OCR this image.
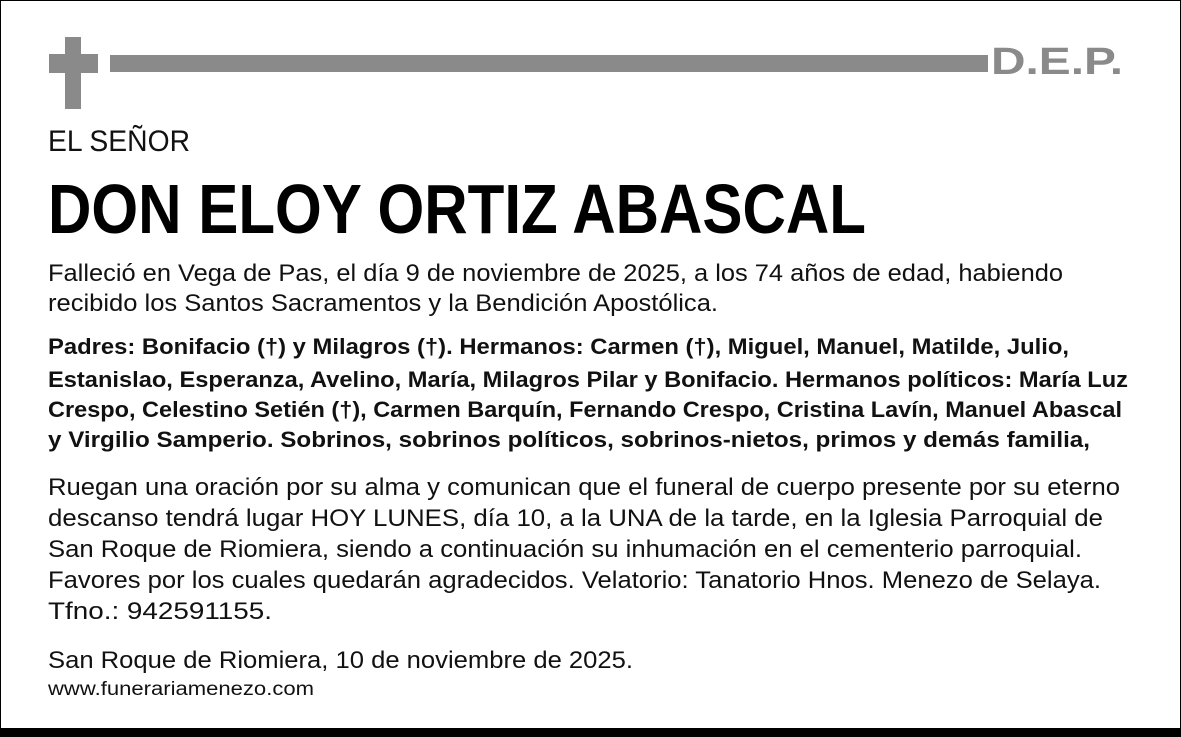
D.E.P.
EL SEÑOR
DON ELOY ORTIZ ABASCAL
Falleció en Vega de Pas, el día 9 de noviembre de 2025, a los 74 años de edad, habiendo
recibido los Santos Sacramentos y la Bendición Apostólica.
Padres: Bonifacio (†) y Milagros (†). Hermanos: Carmen (†), Miguel, Manuel, Matilde, Julio,
Estanislao, Esperanza, Avelino, María, Milagros Pilar y Bonifacio. Hermanos políticos: María Luz
Crespo, Celestino Setién (†), Carmen Barquín, Fernando Crespo, Cristina Lavín, Manuel Abascal
y Virgilio Samperio. Sobrinos, sobrinos políticos, sobrinos-nietos, primos y demás familia,
Ruegan una oración por su alma y comunican que el funeral de cuerpo presente por su eterno
descanso tendrá lugar HOY LUNES, día 10, a la UNA de la tarde, en la Iglesia Parroquial de
San Roque de Riomiera, siendo a continuación su inhumación en el cementerio parroquial.
Favores por los cuales quedarán agradecidos. Velatorio: Tanatorio Hnos. Menezo de Selaya.
Tfno.: 942591155.
San Roque de Riomiera, 10 de noviembre de 2025.
www.funerariamenezo.com
